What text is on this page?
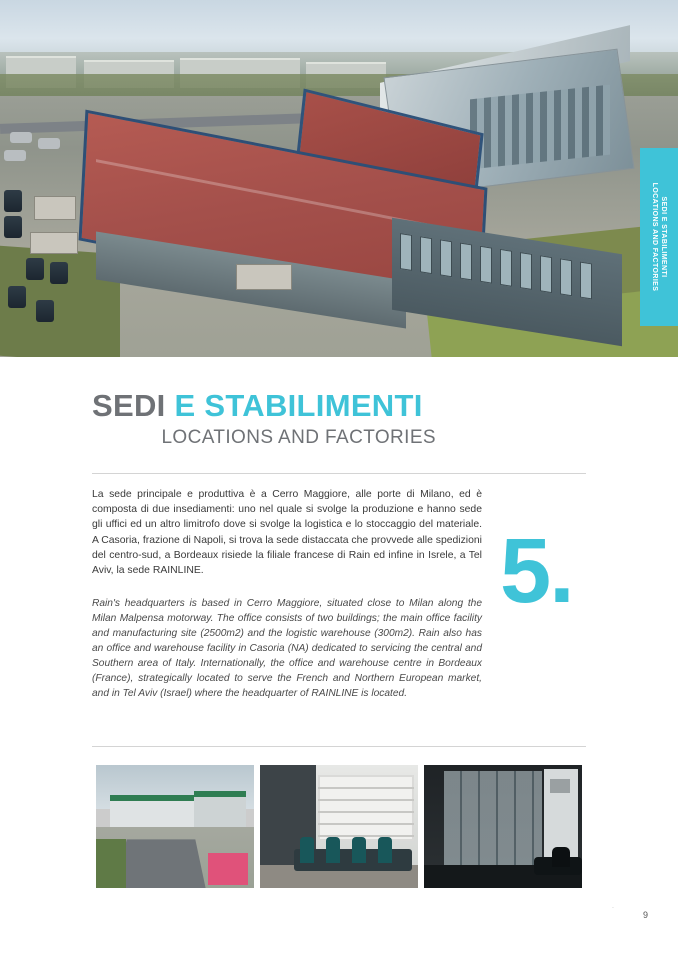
SEDI E STABILIMENTI
LOCATIONS AND FACTORIES
SEDI E STABILIMENTI
LOCATIONS AND FACTORIES

La sede principale e produttiva è a Cerro Maggiore, alle porte di Milano, ed è composta di due insediamenti: uno nel quale si svolge la produzione e hanno sede gli uffici ed un altro limitrofo dove si svolge la logistica e lo stoccaggio del materiale. A Casoria, frazione di Napoli, si trova la sede distaccata che provvede alle spedizioni del centro-sud, a Bordeaux risiede la filiale francese di Rain ed infine in Isrele, a Tel Aviv, la sede RAINLINE.

Rain's headquarters is based in Cerro Maggiore, situated close to Milan along the Milan Malpensa motorway. The office consists of two buildings; the main office facility and manufacturing site (2500m2) and the logistic warehouse (300m2). Rain also has an office and warehouse facility in Casoria (NA) dedicated to servicing the central and Southern area of Italy. Internationally, the office and warehouse centre in Bordeaux (France), strategically located to serve the French and Northern European market, and in Tel Aviv (Israel) where the headquarter of RAINLINE is located.

5.
.
9
